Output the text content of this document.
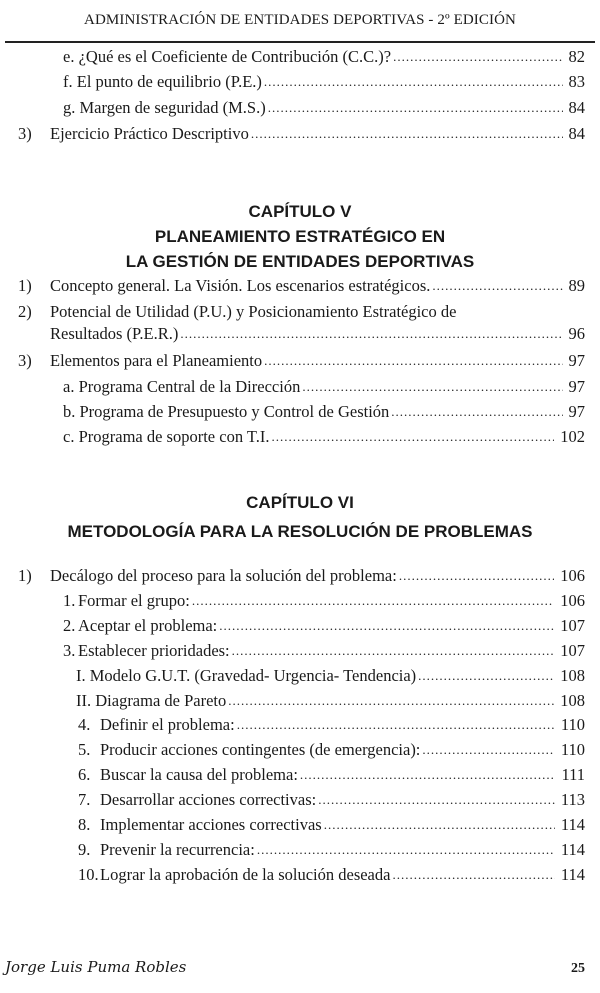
ADMINISTRACIÓN DE ENTIDADES DEPORTIVAS - 2º EDICIÓN
e. ¿Qué es el Coeficiente de Contribución (C.C.)? .....	82
f. El punto de equilibrio (P.E.) .....	83
g. Margen de seguridad (M.S.) .....	84
3) Ejercicio Práctico Descriptivo .....	84
1) Concepto general. La Visión. Los escenarios estratégicos. .....	89
2) Potencial de Utilidad (P.U.) y Posicionamiento Estratégico de
Resultados (P.E.R.) .....	96
3) Elementos para el Planeamiento .....	97
a. Programa Central de la Dirección .....	97
b. Programa de Presupuesto y Control de Gestión .....	97
c. Programa de soporte con T.I. .....	102
1) Decálogo del proceso para la solución del problema: .....	106
1. Formar el grupo: .....	106
2. Aceptar el problema: .....	107
3. Establecer prioridades: .....	107
I. Modelo G.U.T. (Gravedad- Urgencia- Tendencia) .....	108
II. Diagrama de Pareto .....	108
4. Definir el problema: .....	110
5. Producir acciones contingentes (de emergencia): .....	110
6. Buscar la causa del problema: .....	111
7. Desarrollar acciones correctivas: .....	113
8. Implementar acciones correctivas .....	114
9. Prevenir la recurrencia: .....	114
10. Lograr la aprobación de la solución deseada .....	114
CAPÍTULO V
PLANEAMIENTO ESTRATÉGICO EN
LA GESTIÓN DE ENTIDADES DEPORTIVAS
CAPÍTULO VI
METODOLOGÍA PARA LA RESOLUCIÓN DE PROBLEMAS
Jorge Luis Puma Robles	25
